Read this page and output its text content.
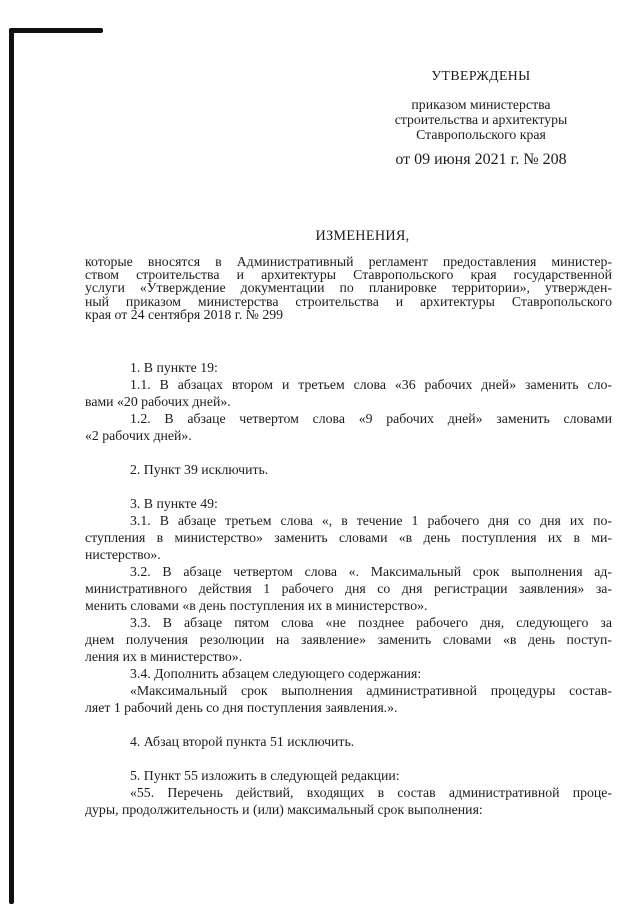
УТВЕРЖДЕНЫ
приказом министерства
строительства и архитектуры
Ставропольского края
от 09 июня 2021 г. № 208
ИЗМЕНЕНИЯ,
которые вносятся в Административный регламент предоставления министер-
ством строительства и архитектуры Ставропольского края государственной
услуги «Утверждение документации по планировке территории», утвержден-
ный приказом министерства строительства и архитектуры Ставропольского
края от 24 сентября 2018 г. № 299
1. В пункте 19:
1.1. В абзацах втором и третьем слова «36 рабочих дней» заменить сло-
вами «20 рабочих дней».
1.2. В абзаце четвертом слова «9 рабочих дней» заменить словами
«2 рабочих дней».
2. Пункт 39 исключить.
3. В пункте 49:
3.1. В абзаце третьем слова «, в течение 1 рабочего дня со дня их по-
ступления в министерство» заменить словами «в день поступления их в ми-
нистерство».
3.2. В абзаце четвертом слова «. Максимальный срок выполнения ад-
министративного действия 1 рабочего дня со дня регистрации заявления» за-
менить словами «в день поступления их в министерство».
3.3. В абзаце пятом слова «не позднее рабочего дня, следующего за
днем получения резолюции на заявление» заменить словами «в день поступ-
ления их в министерство».
3.4. Дополнить абзацем следующего содержания:
«Максимальный срок выполнения административной процедуры состав-
ляет 1 рабочий день со дня поступления заявления.».
4. Абзац второй пункта 51 исключить.
5. Пункт 55 изложить в следующей редакции:
«55. Перечень действий, входящих в состав административной проце-
дуры, продолжительность и (или) максимальный срок выполнения:
